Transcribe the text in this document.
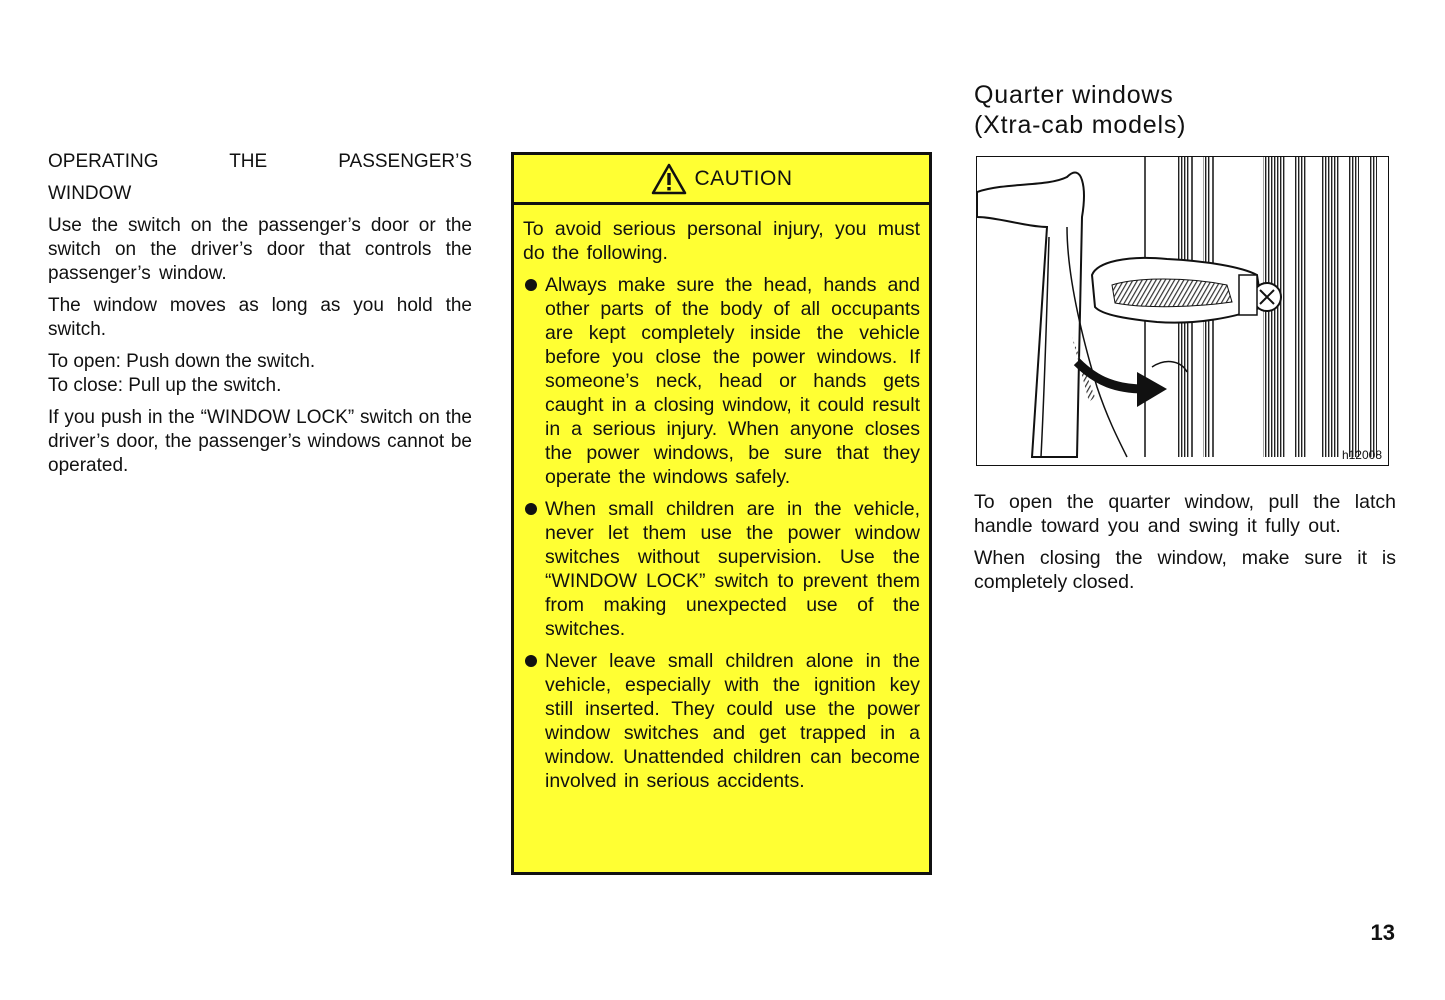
OPERATING THE PASSENGER’S

WINDOW

Use the switch on the passenger’s door or the switch on the driver’s door that controls the passenger’s window.

The window moves as long as you hold the switch.

To open: Push down the switch.

To close: Pull up the switch.

If you push in the “WINDOW LOCK” switch on the driver’s door, the passenger’s windows cannot be operated.

CAUTION

To avoid serious personal injury, you must do the following.

Always make sure the head, hands and other parts of the body of all occupants are kept completely inside the vehicle before you close the power windows. If someone’s neck, head or hands gets caught in a closing window, it could result in a serious injury. When anyone closes the power windows, be sure that they operate the windows safely.
When small children are in the vehicle, never let them use the power window switches without supervision. Use the “WINDOW LOCK” switch to prevent them from making unexpected use of the switches.
Never leave small children alone in the vehicle, especially with the ignition key still inserted. They could use the power window switches and get trapped in a window. Unattended children can become involved in serious accidents.

Quarter windows

(Xtra-cab models)

h12008

To open the quarter window, pull the latch handle toward you and swing it fully out.

When closing the window, make sure it is completely closed.

13
